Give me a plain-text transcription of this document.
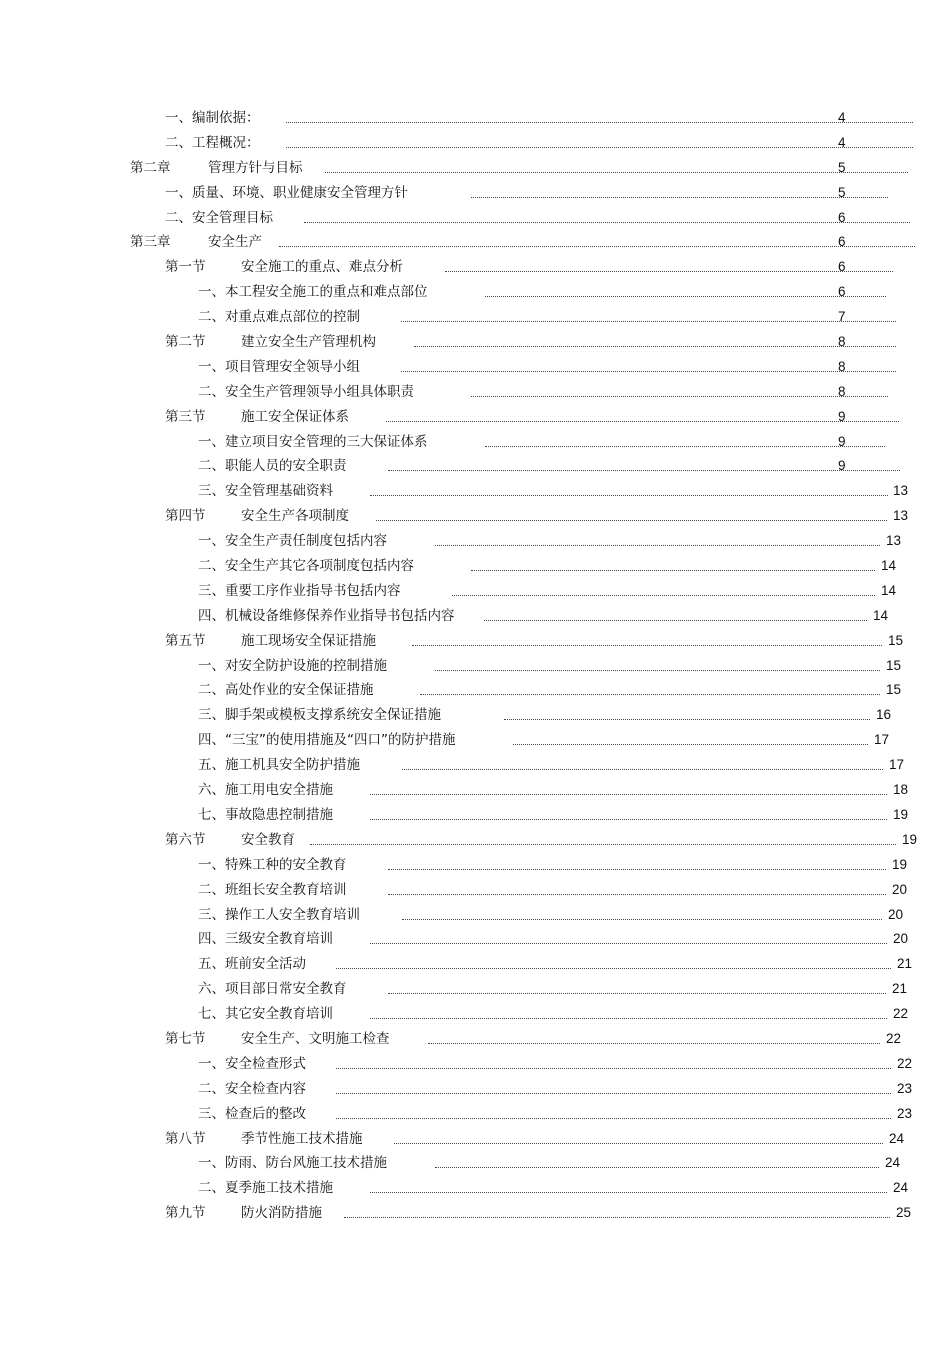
一、编制依据：	4
二、工程概况：	4
第二章	管理方针与目标	5
一、质量、环境、职业健康安全管理方针	5
二、安全管理目标	6
第三章	安全生产	6
第一节	安全施工的重点、难点分析	6
一、本工程安全施工的重点和难点部位	6
二、对重点难点部位的控制	7
第二节	建立安全生产管理机构	8
一、项目管理安全领导小组	8
二、安全生产管理领导小组具体职责	8
第三节	施工安全保证体系	9
一、建立项目安全管理的三大保证体系	9
二、职能人员的安全职责	9
三、安全管理基础资料	13
第四节	安全生产各项制度	13
一、安全生产责任制度包括内容	13
二、安全生产其它各项制度包括内容	14
三、重要工序作业指导书包括内容	14
四、机械设备维修保养作业指导书包括内容	14
第五节	施工现场安全保证措施	15
一、对安全防护设施的控制措施	15
二、高处作业的安全保证措施	15
三、脚手架或模板支撑系统安全保证措施	16
四、“三宝”的使用措施及“四口”的防护措施	17
五、施工机具安全防护措施	17
六、施工用电安全措施	18
七、事故隐患控制措施	19
第六节	安全教育	19
一、特殊工种的安全教育	19
二、班组长安全教育培训	20
三、操作工人安全教育培训	20
四、三级安全教育培训	20
五、班前安全活动	21
六、项目部日常安全教育	21
七、其它安全教育培训	22
第七节	安全生产、文明施工检查	22
一、安全检查形式	22
二、安全检查内容	23
三、检查后的整改	23
第八节	季节性施工技术措施	24
一、防雨、防台风施工技术措施	24
二、夏季施工技术措施	24
第九节	防火消防措施	25
